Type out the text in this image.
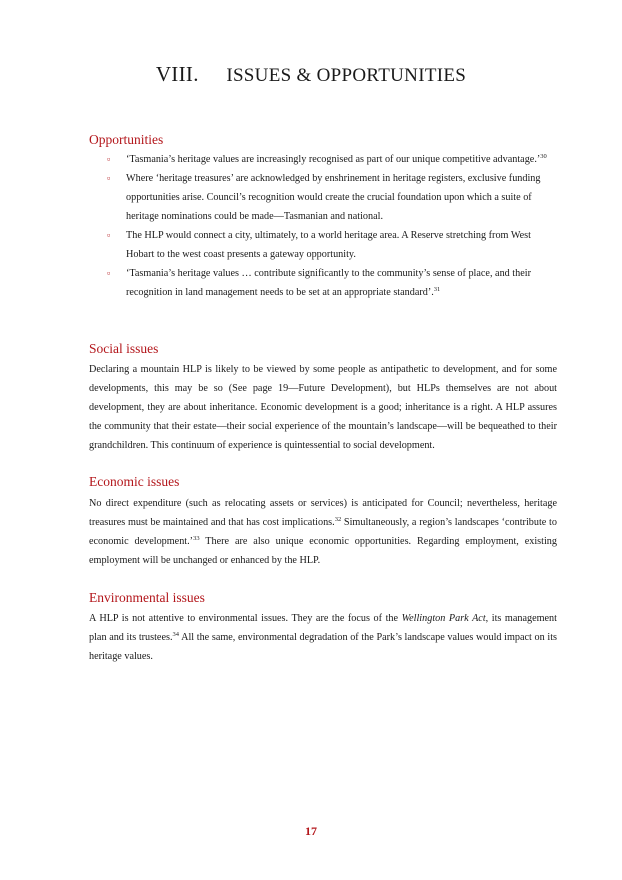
VIII. ISSUES & OPPORTUNITIES
Opportunities
▫ ‘Tasmania’s heritage values are increasingly recognised as part of our unique competitive advantage.’$^{30}$
▫ Where ‘heritage treasures’ are acknowledged by enshrinement in heritage registers, exclusive funding opportunities arise. Council’s recognition would create the crucial foundation upon which a suite of heritage nominations could be made—Tasmanian and national.
▫ The HLP would connect a city, ultimately, to a world heritage area. A Reserve stretching from West Hobart to the west coast presents a gateway opportunity.
▫ ‘Tasmania’s heritage values … contribute significantly to the community’s sense of place, and their recognition in land management needs to be set at an appropriate standard’.$^{31}$
Social issues
Declaring a mountain HLP is likely to be viewed by some people as antipathetic to development, and for some developments, this may be so (See page 19—Future Development), but HLPs themselves are not about development, they are about inheritance. Economic development is a good; inheritance is a right. A HLP assures the community that their estate—their social experience of the mountain’s landscape—will be bequeathed to their grandchildren. This continuum of experience is quintessential to social development.
Economic issues
No direct expenditure (such as relocating assets or services) is anticipated for Council; nevertheless, heritage treasures must be maintained and that has cost implications.$^{32}$ Simultaneously, a region’s landscapes ‘contribute to economic development.’$^{33}$ There are also unique economic opportunities. Regarding employment, existing employment will be unchanged or enhanced by the HLP.
Environmental issues
A HLP is not attentive to environmental issues. They are the focus of the Wellington Park Act, its management plan and its trustees.$^{34}$ All the same, environmental degradation of the Park’s landscape values would impact on its heritage values.
17
